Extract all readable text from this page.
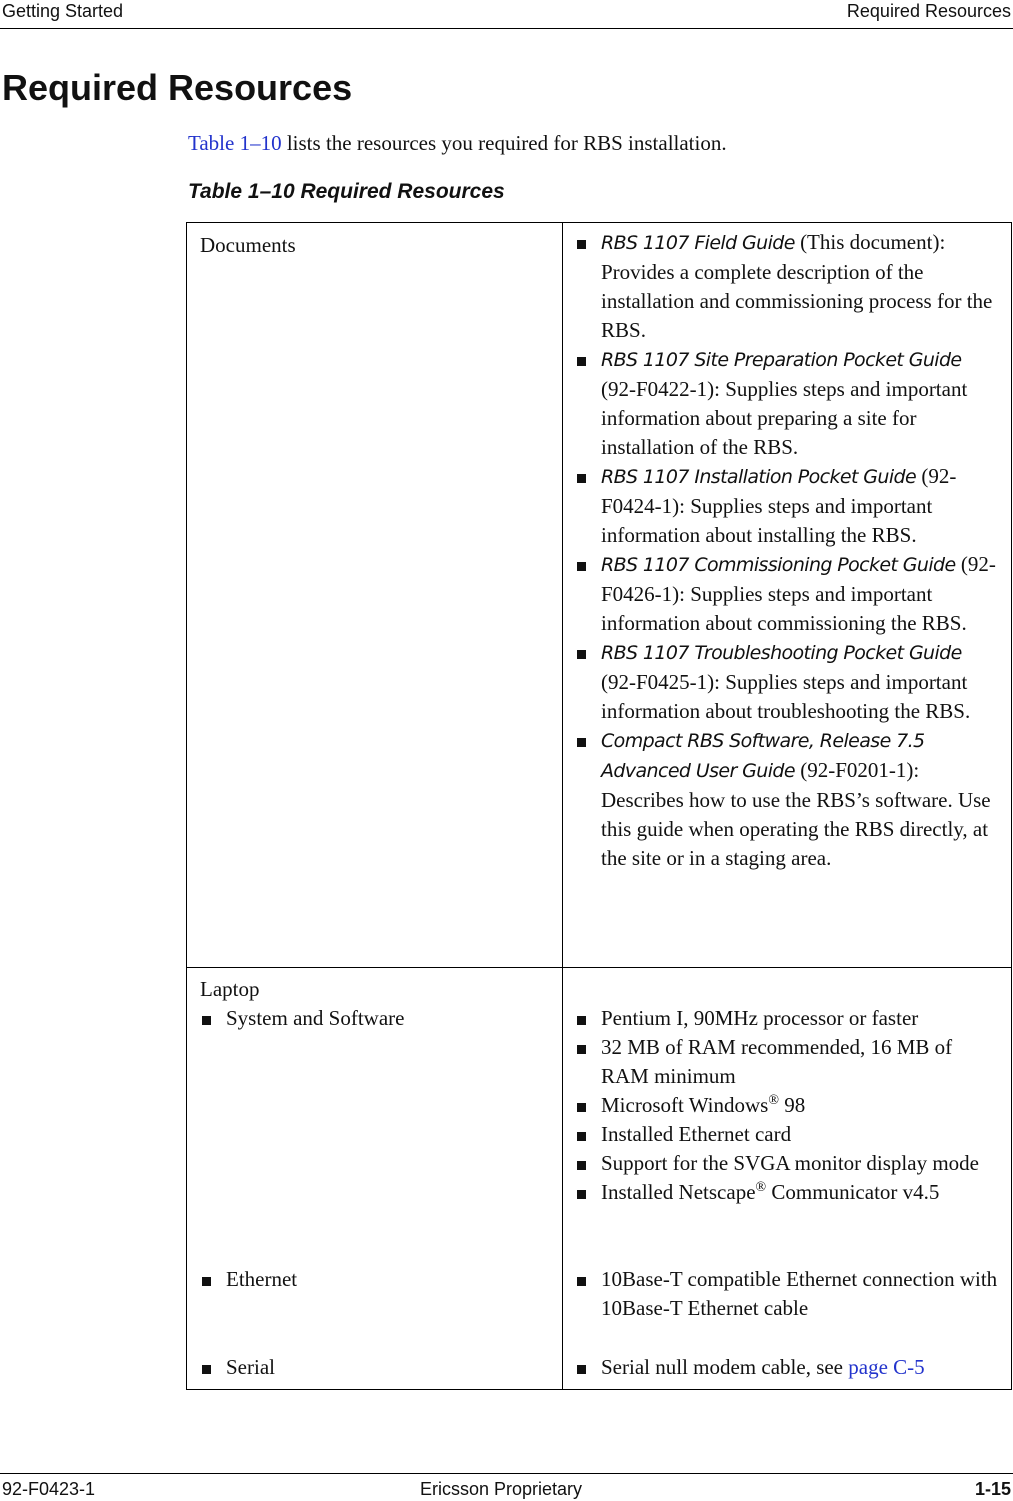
Getting Started	Required Resources
Required Resources

Table 1–10 lists the resources you required for RBS installation.

Table 1–10 Required Resources

Documents	RBS 1107 Field Guide (This document): Provides a complete description of the installation and commissioning process for the RBS.
RBS 1107 Site Preparation Pocket Guide (92-F0422-1): Supplies steps and important information about preparing a site for installation of the RBS.
RBS 1107 Installation Pocket Guide (92-F0424-1): Supplies steps and important information about installing the RBS.
RBS 1107 Commissioning Pocket Guide (92-F0426-1): Supplies steps and important information about commissioning the RBS.
RBS 1107 Troubleshooting Pocket Guide (92-F0425-1): Supplies steps and important information about troubleshooting the RBS.
Compact RBS Software, Release 7.5 Advanced User Guide (92-F0201-1): Describes how to use the RBS’s software. Use this guide when operating the RBS directly, at the site or in a staging area.
Laptop
System and Software	Pentium I, 90MHz processor or faster
32 MB of RAM recommended, 16 MB of RAM minimum
Microsoft Windows® 98
Installed Ethernet card
Support for the SVGA monitor display mode
Installed Netscape® Communicator v4.5
Ethernet	10Base-T compatible Ethernet connection with 10Base-T Ethernet cable
Serial	Serial null modem cable, see page C-5
92-F0423-1	Ericsson Proprietary	1-15
